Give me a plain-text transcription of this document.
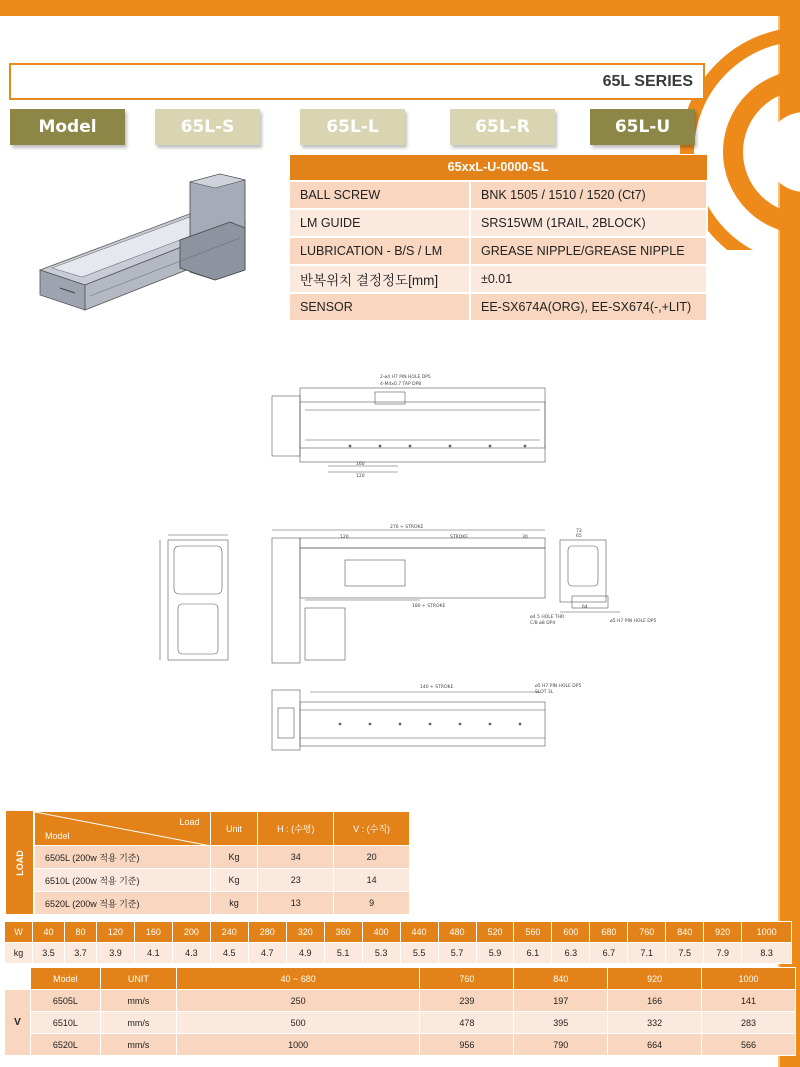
65L SERIES
Model	65L-S	65L-L	65L-R	65L-U
65xxL-U-0000-SL	
BALL SCREW	BNK 1505 / 1510 / 1520 (Ct7)
LM GUIDE	SRS15WM (1RAIL, 2BLOCK)
LUBRICATION - B/S / LM	GREASE NIPPLE/GREASE NIPPLE
반복위치 결정정도[mm]	±0.01
SENSOR	EE-SX674A(ORG), EE-SX674(-,+LIT)
2-ø4 H7 PIN HOLE DP5
4-M4x0.7 TAP DP8
160
120
276 + STROKE
120	STROKE	30
180 + STROKE
ø4.5 HOLE THR
C/B ø8 DP4	ø5 H7 PIN HOLE DP5
140 + STROKE	ø5 H7 PIN HOLE DP5
SLOT 3L
73
65
64
LOAD
Load
Model	Unit	H : (수평)	V : (수직)
6505L (200w 적용 기준)	Kg	34	20
6510L (200w 적용 기준)	Kg	23	14
6520L (200w 적용 기준)	kg	13	9
W	40	80	120	160	200	240	280	320	360	400	440	480	520	560	600	680	760	840	920	1000
kg	3.5	3.7	3.9	4.1	4.3	4.5	4.7	4.9	5.1	5.3	5.5	5.7	5.9	6.1	6.3	6.7	7.1	7.5	7.9	8.3
	Model	UNIT	40 ~ 680	760	840	920	1000
V	6505L	mm/s	250	239	197	166	141
	6510L	mm/s	500	478	395	332	283
	6520L	mm/s	1000	956	790	664	566
